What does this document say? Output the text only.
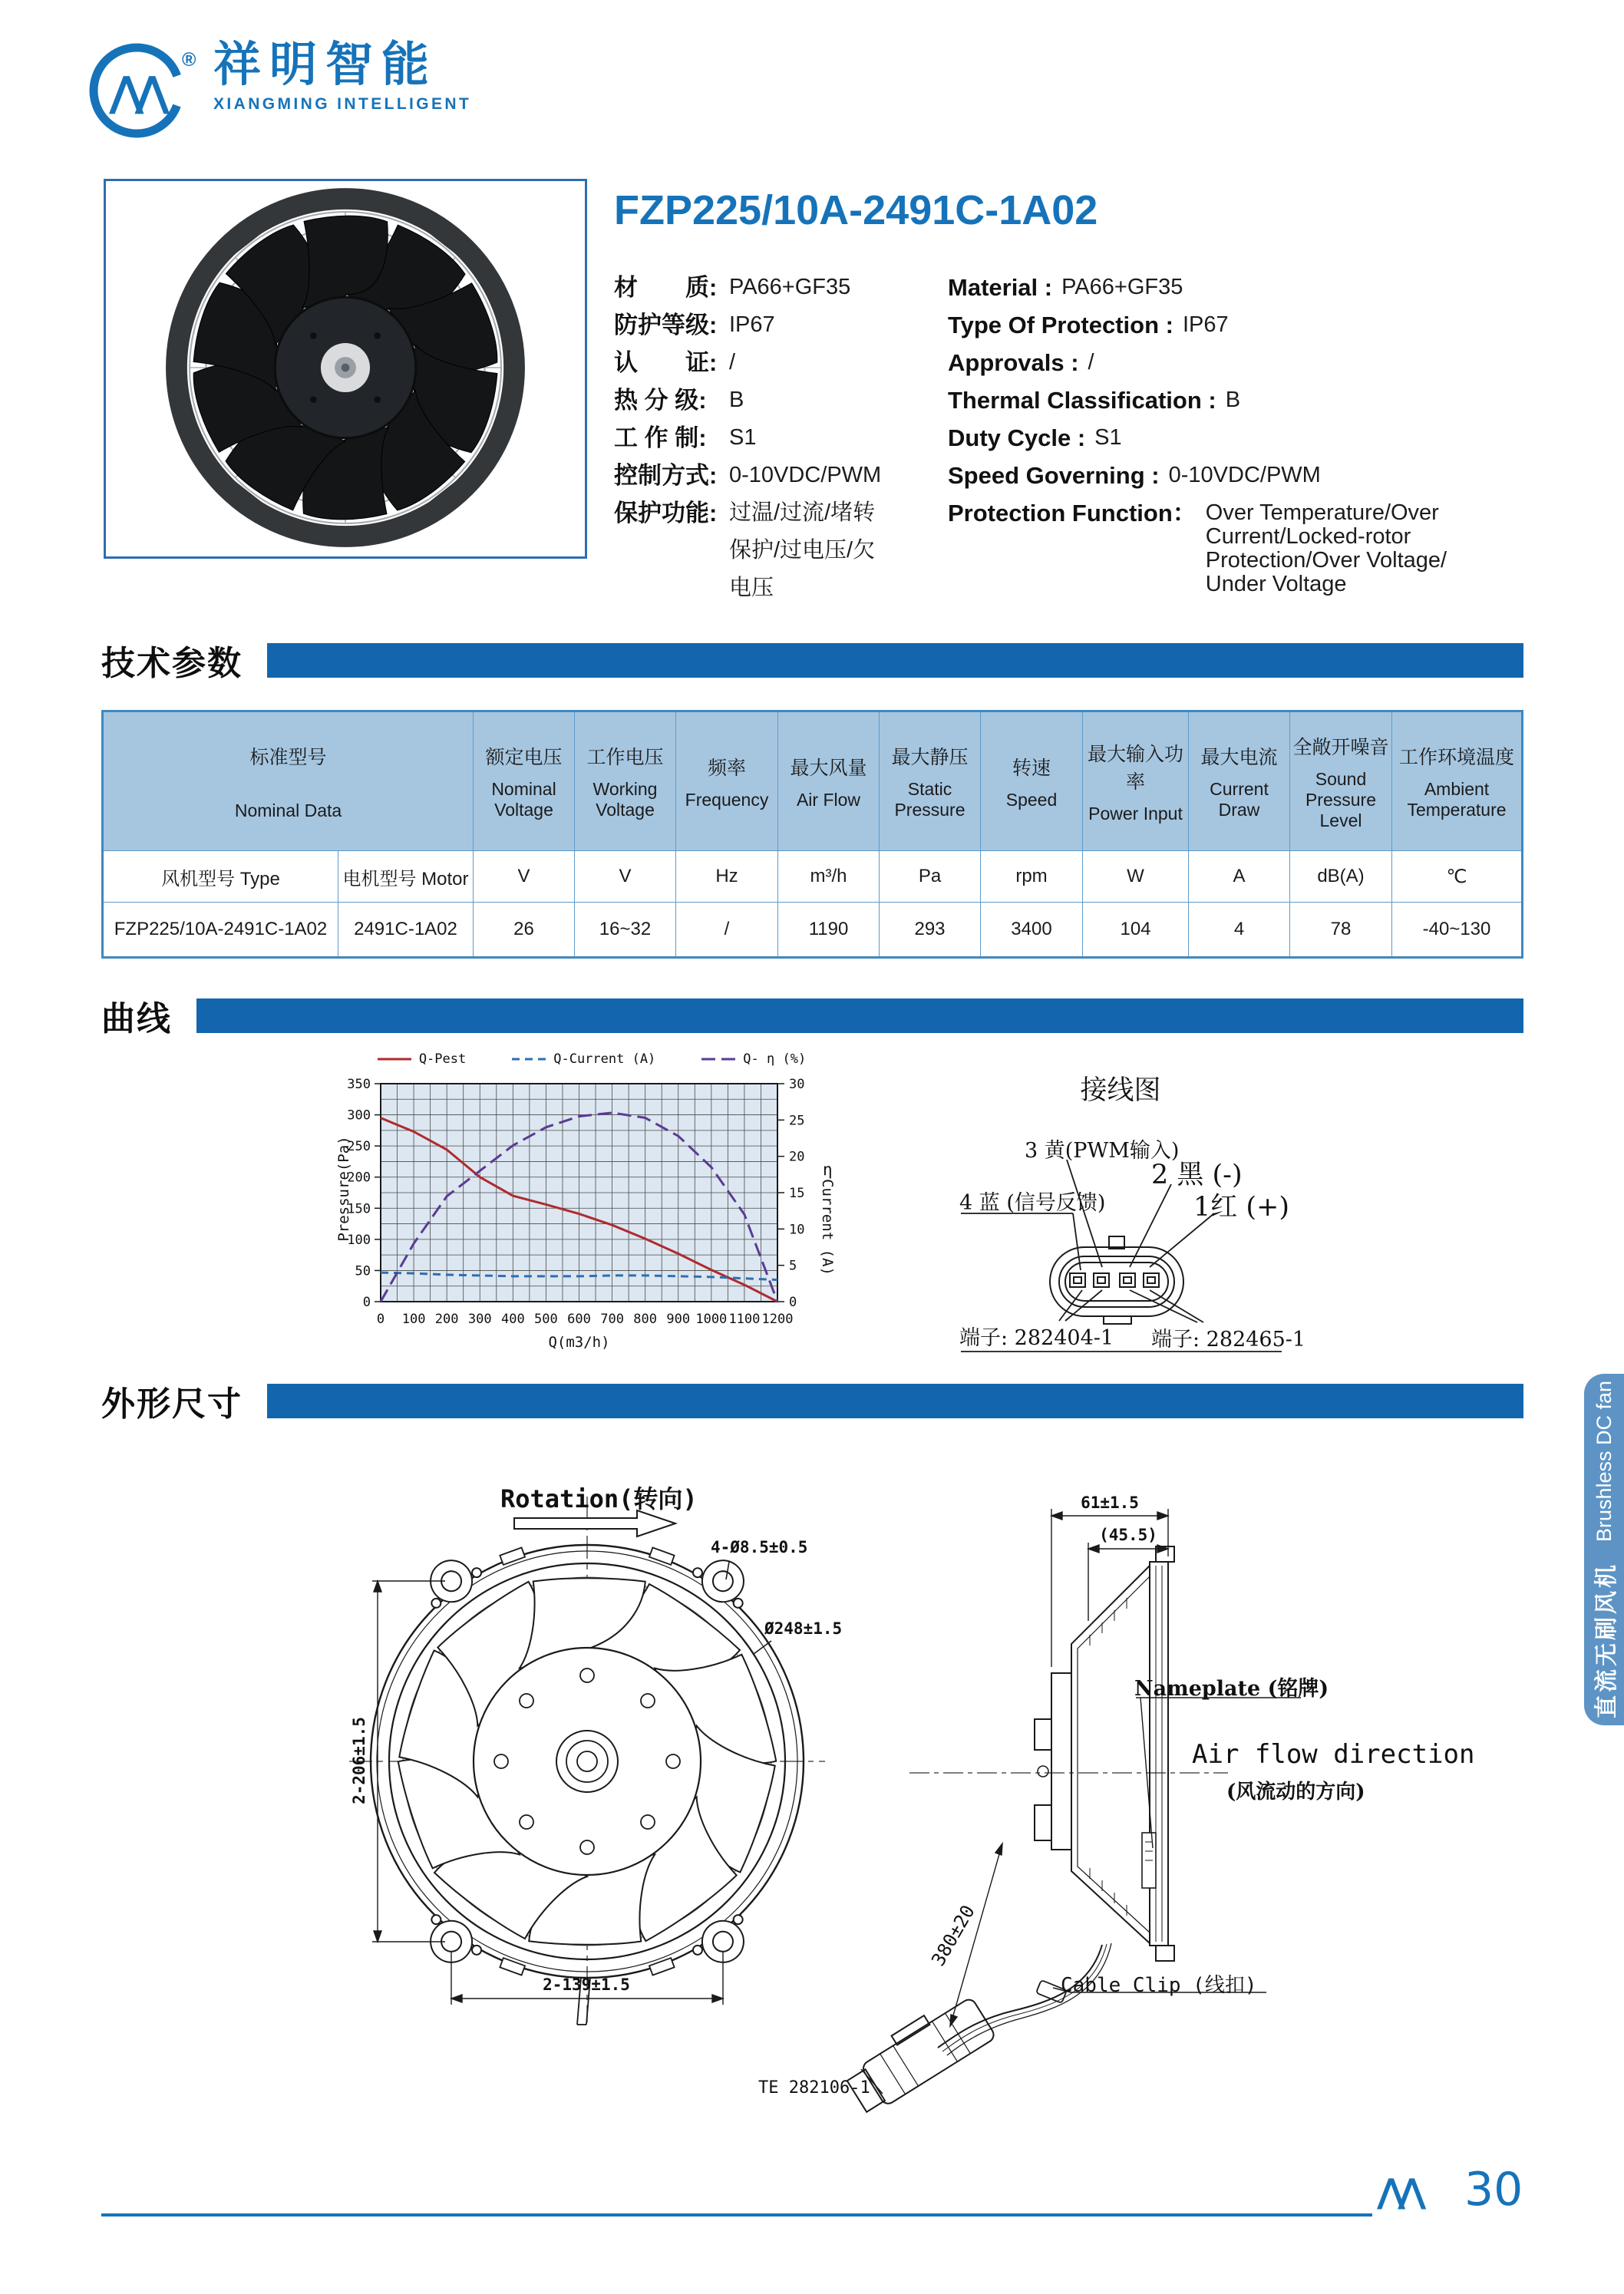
⋀⋀
祥明智能
XIANGMING INTELLIGENT
®
FZP225/10A-2491C-1A02
材　　质: PA66+GF35
防护等级: IP67
认　　证: /
热 分 级:	B
工 作 制:	S1
控制方式: 0-10VDC/PWM
保护功能: 过温/过流/堵转
保护/过电压/欠
电压
Material : PA66+GF35
Type Of Protection : IP67
Approvals : /
Thermal Classification : B
Duty Cycle : S1
Speed Governing : 0-10VDC/PWM
Protection Function： Over Temperature/Over
Current/Locked-rotor
Protection/Over Voltage/
Under Voltage
技术参数
标准型号
Nominal Data

额定电压
Nominal Voltage

工作电压
Working Voltage

频率
Frequency

最大风量
Air Flow

最大静压
Static Pressure

转速
Speed

最大输入功率
Power Input

最大电流
Current Draw

全敞开噪音
Sound Pressure Level

工作环境温度
Ambient Temperature

风机型号 Type	电机型号 Motor	V	V	Hz	m³/h	Pa	rpm	W	A	dB(A)	℃
FZP225/10A-2491C-1A02	2491C-1A02	26	16~32	/	1190	293	3400	104	4	78	-40~130
曲线
Q-Pest	Q-Current (A)	Q- η (%)
0 100 200 300 400 500 600 700 800 900 1000 1100 1200
0
50
100
150
200
250
300
350
0
5
10
15
20
25
30
Pressure(Pa)	η
Current (A)
Q(m3/h)
接线图
3 黄(PWM输入)
2 黑 (-)
1红 (+)
4 蓝 (信号反馈)
端子: 282404-1 端子: 282465-1
外形尺寸
Rotation(转向)
4-Ø8.5±0.5
Ø248±1.5
2-206±1.5
2-139±1.5
61±1.5
(45.5)
Nameplate (铭牌)
Air flow direction
(风流动的方向)
380±20
Cable Clip (线扣)
TE 282106-1
直流无刷风机
Brushless DC fan
⋀⋀ 30
